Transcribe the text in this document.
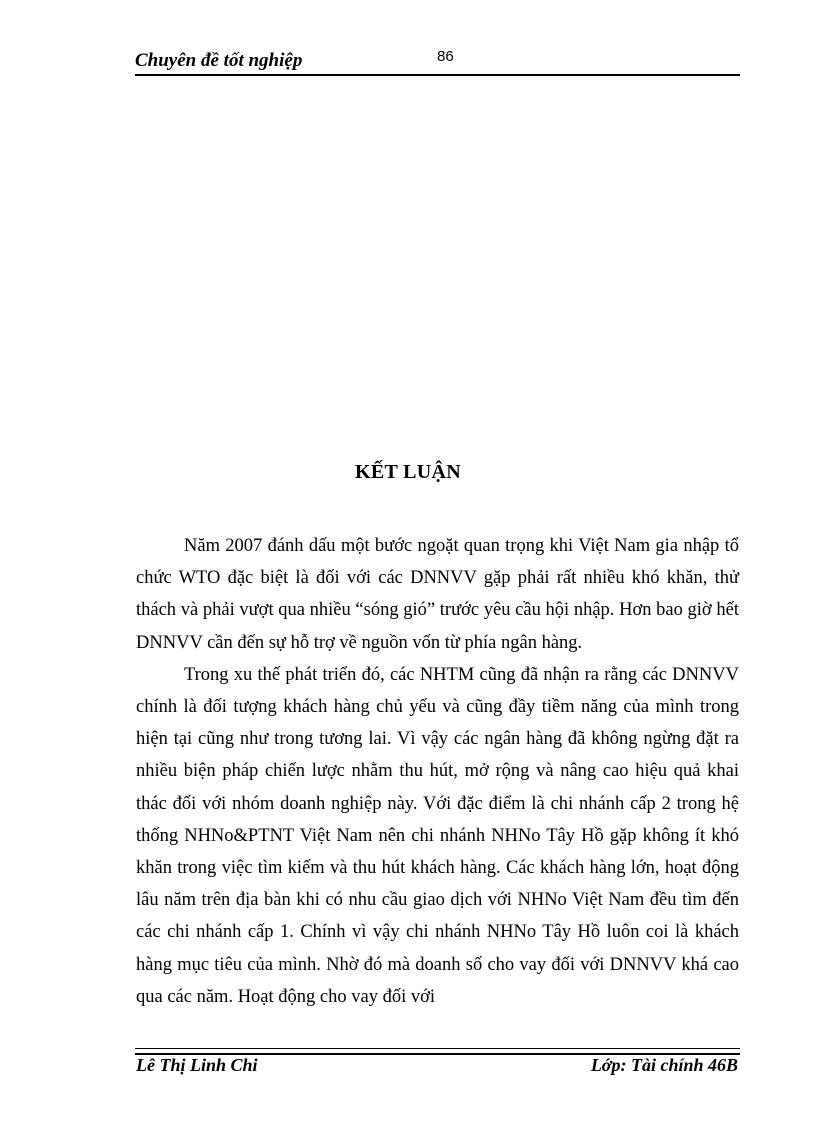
Chuyên đề tốt nghiệp	86
KẾT LUẬN

Năm 2007 đánh dấu một bước ngoặt quan trọng khi Việt Nam gia nhập tổ chức WTO đặc biệt là đối với các DNNVV gặp phải rất nhiều khó khăn, thử thách và phải vượt qua nhiều “sóng gió” trước yêu cầu hội nhập. Hơn bao giờ hết DNNVV cần đến sự hỗ trợ về nguồn vốn từ phía ngân hàng.

Trong xu thế phát triển đó, các NHTM cũng đã nhận ra rằng các DNNVV chính là đối tượng khách hàng chủ yếu và cũng đầy tiềm năng của mình trong hiện tại cũng như trong tương lai. Vì vậy các ngân hàng đã không ngừng đặt ra nhiều biện pháp chiến lược nhằm thu hút, mở rộng và nâng cao hiệu quả khai thác đối với nhóm doanh nghiệp này. Với đặc điểm là chi nhánh cấp 2 trong hệ thống NHNo&PTNT Việt Nam nên chi nhánh NHNo Tây Hồ gặp không ít khó khăn trong việc tìm kiếm và thu hút khách hàng. Các khách hàng lớn, hoạt động lâu năm trên địa bàn khi có nhu cầu giao dịch với NHNo Việt Nam đều tìm đến các chi nhánh cấp 1. Chính vì vậy chi nhánh NHNo Tây Hồ luôn coi là khách hàng mục tiêu của mình. Nhờ đó mà doanh số cho vay đối với DNNVV khá cao qua các năm. Hoạt động cho vay đối với

Lê Thị Linh Chi	Lớp: Tài chính 46B
